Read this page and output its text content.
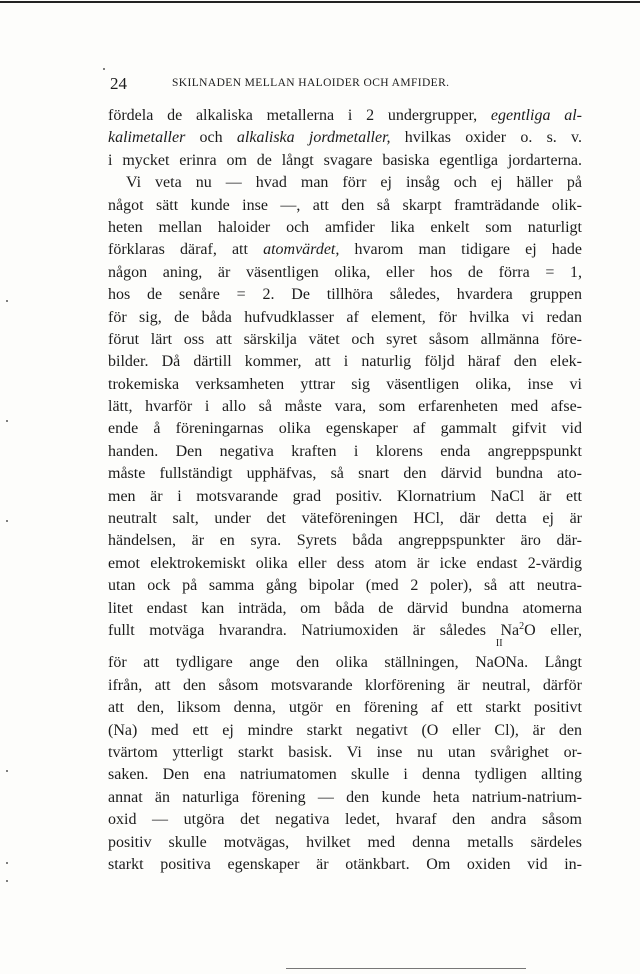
24	SKILNADEN MELLAN HALOIDER OCH AMFIDER.
fördela de alkaliska metallerna i 2 undergrupper, egentliga al-
kalimetaller och alkaliska jordmetaller, hvilkas oxider o. s. v.
i mycket erinra om de långt svagare basiska egentliga jordarterna.
Vi veta nu — hvad man förr ej insåg och ej häller på
något sätt kunde inse —, att den så skarpt framträdande olik-
heten mellan haloider och amfider lika enkelt som naturligt
förklaras däraf, att atomvärdet, hvarom man tidigare ej hade
någon aning, är väsentligen olika, eller hos de förra = 1,
hos de senåre = 2. De tillhöra således, hvardera gruppen
för sig, de båda hufvudklasser af element, för hvilka vi redan
förut lärt oss att särskilja vätet och syret såsom allmänna före-
bilder. Då därtill kommer, att i naturlig följd häraf den elek-
trokemiska verksamheten yttrar sig väsentligen olika, inse vi
lätt, hvarför i allo så måste vara, som erfarenheten med afse-
ende å föreningarnas olika egenskaper af gammalt gifvit vid
handen. Den negativa kraften i klorens enda angreppspunkt
måste fullständigt upphäfvas, så snart den därvid bundna ato-
men är i motsvarande grad positiv. Klornatrium NaCl är ett
neutralt salt, under det väteföreningen HCl, där detta ej är
händelsen, är en syra. Syrets båda angreppspunkter äro där-
emot elektrokemiskt olika eller dess atom är icke endast 2-värdig
utan ock på samma gång bipolar (med 2 poler), så att neutra-
litet endast kan inträda, om båda de därvid bundna atomerna
fullt motväga hvarandra. Natriumoxiden är således Na$^2$O eller,
för att tydligare ange den olika ställningen, Na
II
ONa. Långt
ifrån, att den såsom motsvarande klorförening är neutral, därför
att den, liksom denna, utgör en förening af ett starkt positivt
(Na) med ett ej mindre starkt negativt (O eller Cl), är den
tvärtom ytterligt starkt basisk. Vi inse nu utan svårighet or-
saken. Den ena natriumatomen skulle i denna tydligen allting
annat än naturliga förening — den kunde heta natrium-natrium-
oxid — utgöra det negativa ledet, hvaraf den andra såsom
positiv skulle motvägas, hvilket med denna metalls särdeles
starkt positiva egenskaper är otänkbart. Om oxiden vid in-
